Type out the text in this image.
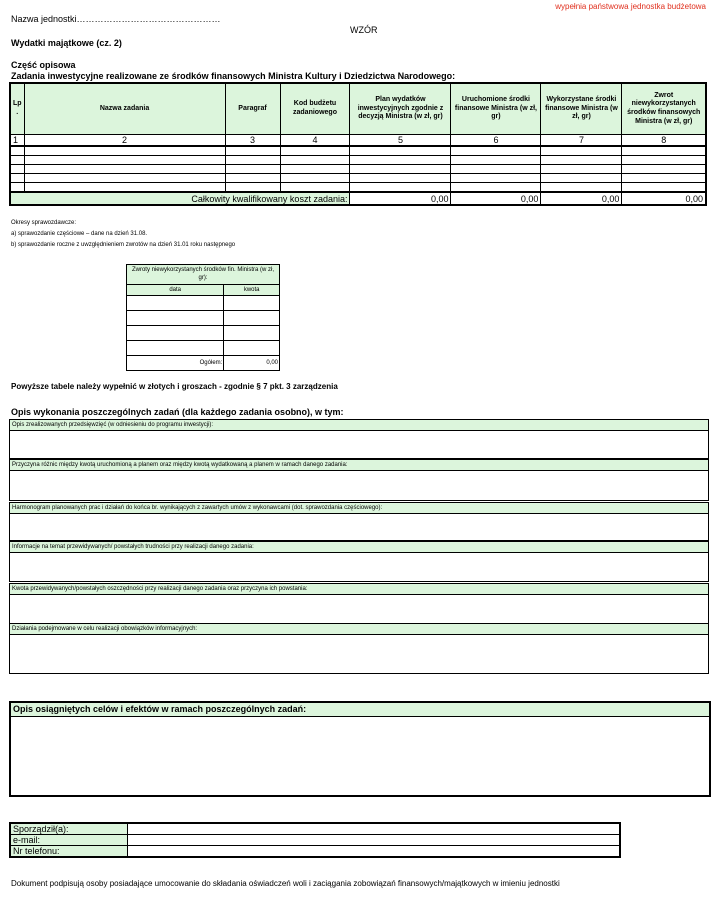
Nazwa jednostki…………………………………………
wypełnia państwowa jednostka budżetowa
WZÓR
Wydatki majątkowe (cz. 2)
Część opisowa
Zadania inwestycyjne realizowane ze środków finansowych Ministra Kultury i Dziedzictwa Narodowego:
Lp .	Nazwa zadania	Paragraf	Kod budżetu zadaniowego	Plan wydatków inwestycyjnych zgodnie z decyzją Ministra (w zł, gr)	Uruchomione środki finansowe Ministra (w zł, gr)	Wykorzystane środki finansowe Ministra (w zł, gr)	Zwrot niewykorzystanych środków finansowych Ministra (w zł, gr)
1	2	3	4	5	6	7	8

Całkowity kwalifikowany koszt zadania:				0,00	0,00	0,00	0,00
Okresy sprawozdawcze:
a) sprawozdanie częściowe – dane na dzień 31.08.
b) sprawozdanie roczne z uwzględnieniem zwrotów na dzień 31.01 roku następnego
Zwroty niewykorzystanych środków fin. Ministra (w zł, gr):	
data	kwota

Ogółem:	0,00
Powyższe tabele należy wypełnić w złotych i groszach - zgodnie § 7 pkt. 3 zarządzenia
Opis wykonania poszczególnych zadań (dla każdego zadania osobno), w tym:
Opis zrealizowanych przedsięwzięć (w odniesieniu do programu inwestycji):
Przyczyna różnic między kwotą uruchomioną a planem oraz między kwotą wydatkowaną a planem w ramach danego zadania:
Harmonogram planowanych prac i działań do końca br. wynikających z zawartych umów z wykonawcami (dot. sprawozdania częściowego):
Informacje na temat przewidywanych/ powstałych trudności przy realizacji danego zadania:
Kwota przewidywanych/powstałych oszczędności przy realizacji danego zadania oraz przyczyna ich powstania:
Działania podejmowane w celu realizacji obowiązków informacyjnych:
Opis osiągniętych celów i efektów w ramach poszczególnych zadań:
Sporządził(a):	
e-mail:	
Nr telefonu:	
Dokument podpisują osoby posiadające umocowanie do składania oświadczeń woli i zaciągania zobowiązań finansowych/majątkowych w imieniu jednostki
